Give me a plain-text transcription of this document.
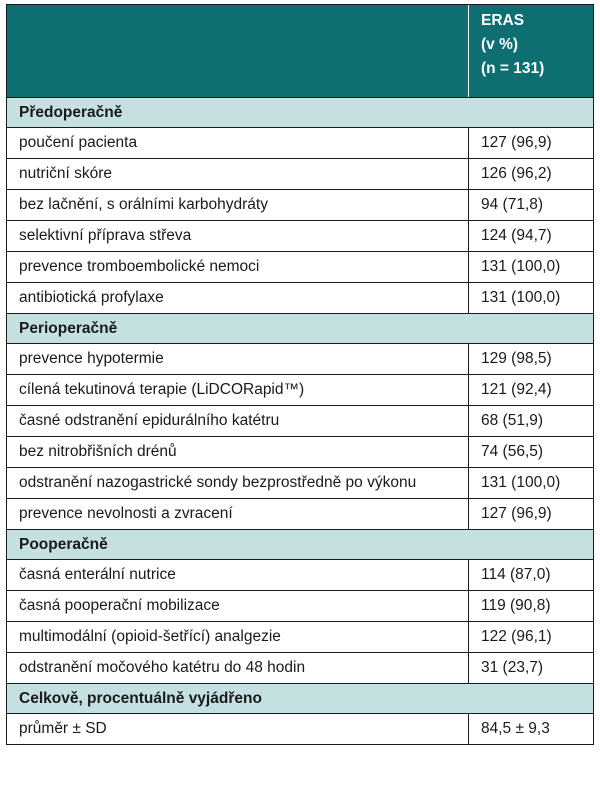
ERAS
(v %)
(n = 131)
Předoperačně
poučení pacienta	127 (96,9)
nutriční skóre	126 (96,2)
bez lačnění, s orálními karbohydráty	94 (71,8)
selektivní příprava střeva	124 (94,7)
prevence tromboembolické nemoci	131 (100,0)
antibiotická profylaxe	131 (100,0)
Perioperačně
prevence hypotermie	129 (98,5)
cílená tekutinová terapie (LiDCORapid™)	121 (92,4)
časné odstranění epidurálního katétru	68 (51,9)
bez nitrobřišních drénů	74 (56,5)
odstranění nazogastrické sondy bezprostředně po výkonu	131 (100,0)
prevence nevolnosti a zvracení	127 (96,9)
Pooperačně
časná enterální nutrice	114 (87,0)
časná pooperační mobilizace	119 (90,8)
multimodální (opioid-šetřící) analgezie	122 (96,1)
odstranění močového katétru do 48 hodin	31 (23,7)
Celkově, procentuálně vyjádřeno
průměr ± SD	84,5 ± 9,3
